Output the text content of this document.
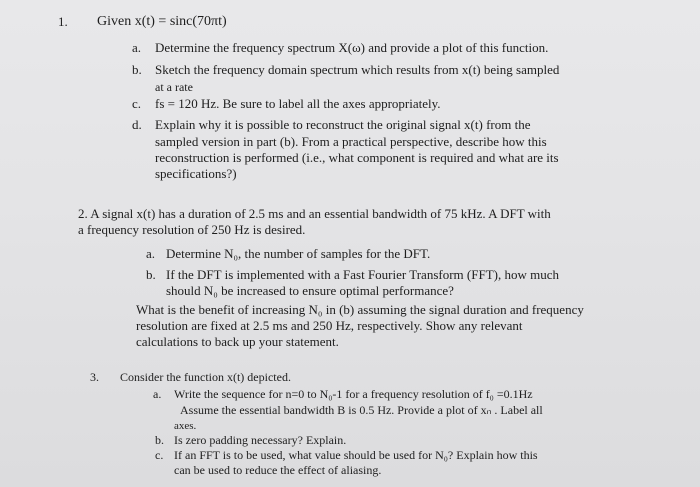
1. Given x(t) = sinc(70πt)
a. Determine the frequency spectrum X(ω) and provide a plot of this function.
b. Sketch the frequency domain spectrum which results from x(t) being sampled
at a rate
c. fs = 120 Hz. Be sure to label all the axes appropriately.
d. Explain why it is possible to reconstruct the original signal x(t) from the
sampled version in part (b). From a practical perspective, describe how this
reconstruction is performed (i.e., what component is required and what are its
specifications?)
2. A signal x(t) has a duration of 2.5 ms and an essential bandwidth of 75 kHz. A DFT with
a frequency resolution of 250 Hz is desired.
a. Determine N₀, the number of samples for the DFT.
b. If the DFT is implemented with a Fast Fourier Transform (FFT), how much
should N₀ be increased to ensure optimal performance?
What is the benefit of increasing N₀ in (b) assuming the signal duration and frequency
resolution are fixed at 2.5 ms and 250 Hz, respectively. Show any relevant
calculations to back up your statement.
3. Consider the function x(t) depicted.
a. Write the sequence for n=0 to N₀-1 for a frequency resolution of f₀ =0.1Hz
Assume the essential bandwidth B is 0.5 Hz. Provide a plot of xₙ . Label all
axes.
b. Is zero padding necessary? Explain.
c. If an FFT is to be used, what value should be used for N₀? Explain how this
can be used to reduce the effect of aliasing.
